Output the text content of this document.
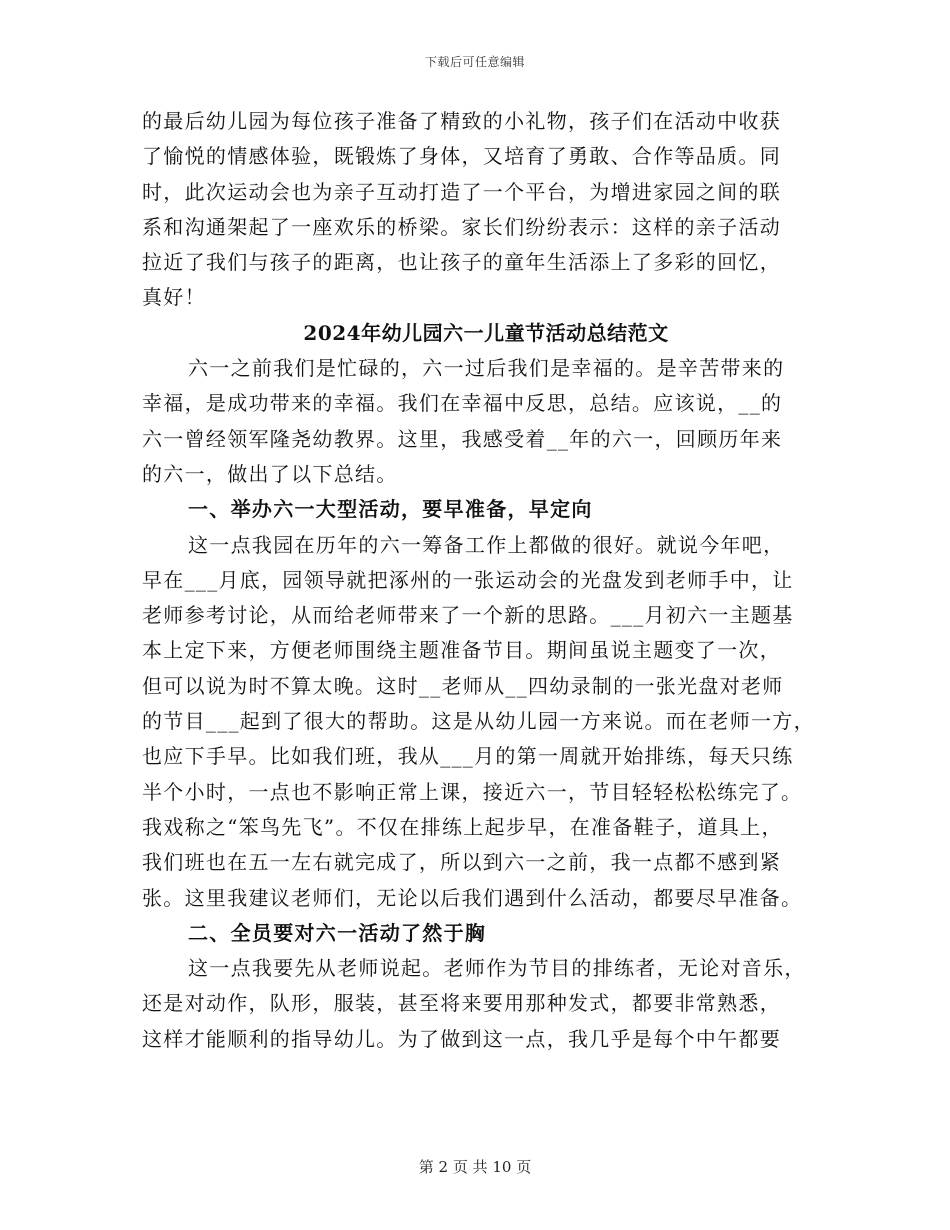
下载后可任意编辑
的最后幼儿园为每位孩子准备了精致的小礼物，孩子们在活动中收获
了愉悦的情感体验，既锻炼了身体，又培育了勇敢、合作等品质。同
时，此次运动会也为亲子互动打造了一个平台，为增进家园之间的联
系和沟通架起了一座欢乐的桥梁。家长们纷纷表示：这样的亲子活动
拉近了我们与孩子的距离，也让孩子的童年生活添上了多彩的回忆，
真好！
2024年幼儿园六一儿童节活动总结范文
六一之前我们是忙碌的，六一过后我们是幸福的。是辛苦带来的
幸福，是成功带来的幸福。我们在幸福中反思，总结。应该说，__的
六一曾经领军隆尧幼教界。这里，我感受着__年的六一，回顾历年来
的六一，做出了以下总结。
一、举办六一大型活动，要早准备，早定向
这一点我园在历年的六一筹备工作上都做的很好。就说今年吧，
早在___月底，园领导就把涿州的一张运动会的光盘发到老师手中，让
老师参考讨论，从而给老师带来了一个新的思路。___月初六一主题基
本上定下来，方便老师围绕主题准备节目。期间虽说主题变了一次，
但可以说为时不算太晚。这时__老师从__四幼录制的一张光盘对老师
的节目___起到了很大的帮助。这是从幼儿园一方来说。而在老师一方，
也应下手早。比如我们班，我从___月的第一周就开始排练，每天只练
半个小时，一点也不影响正常上课，接近六一，节目轻轻松松练完了。
我戏称之“笨鸟先飞”。不仅在排练上起步早，在准备鞋子，道具上，
我们班也在五一左右就完成了，所以到六一之前，我一点都不感到紧
张。这里我建议老师们，无论以后我们遇到什么活动，都要尽早准备。
二、全员要对六一活动了然于胸
这一点我要先从老师说起。老师作为节目的排练者，无论对音乐，
还是对动作，队形，服装，甚至将来要用那种发式，都要非常熟悉，
这样才能顺利的指导幼儿。为了做到这一点，我几乎是每个中午都要
第 2 页 共 10 页
